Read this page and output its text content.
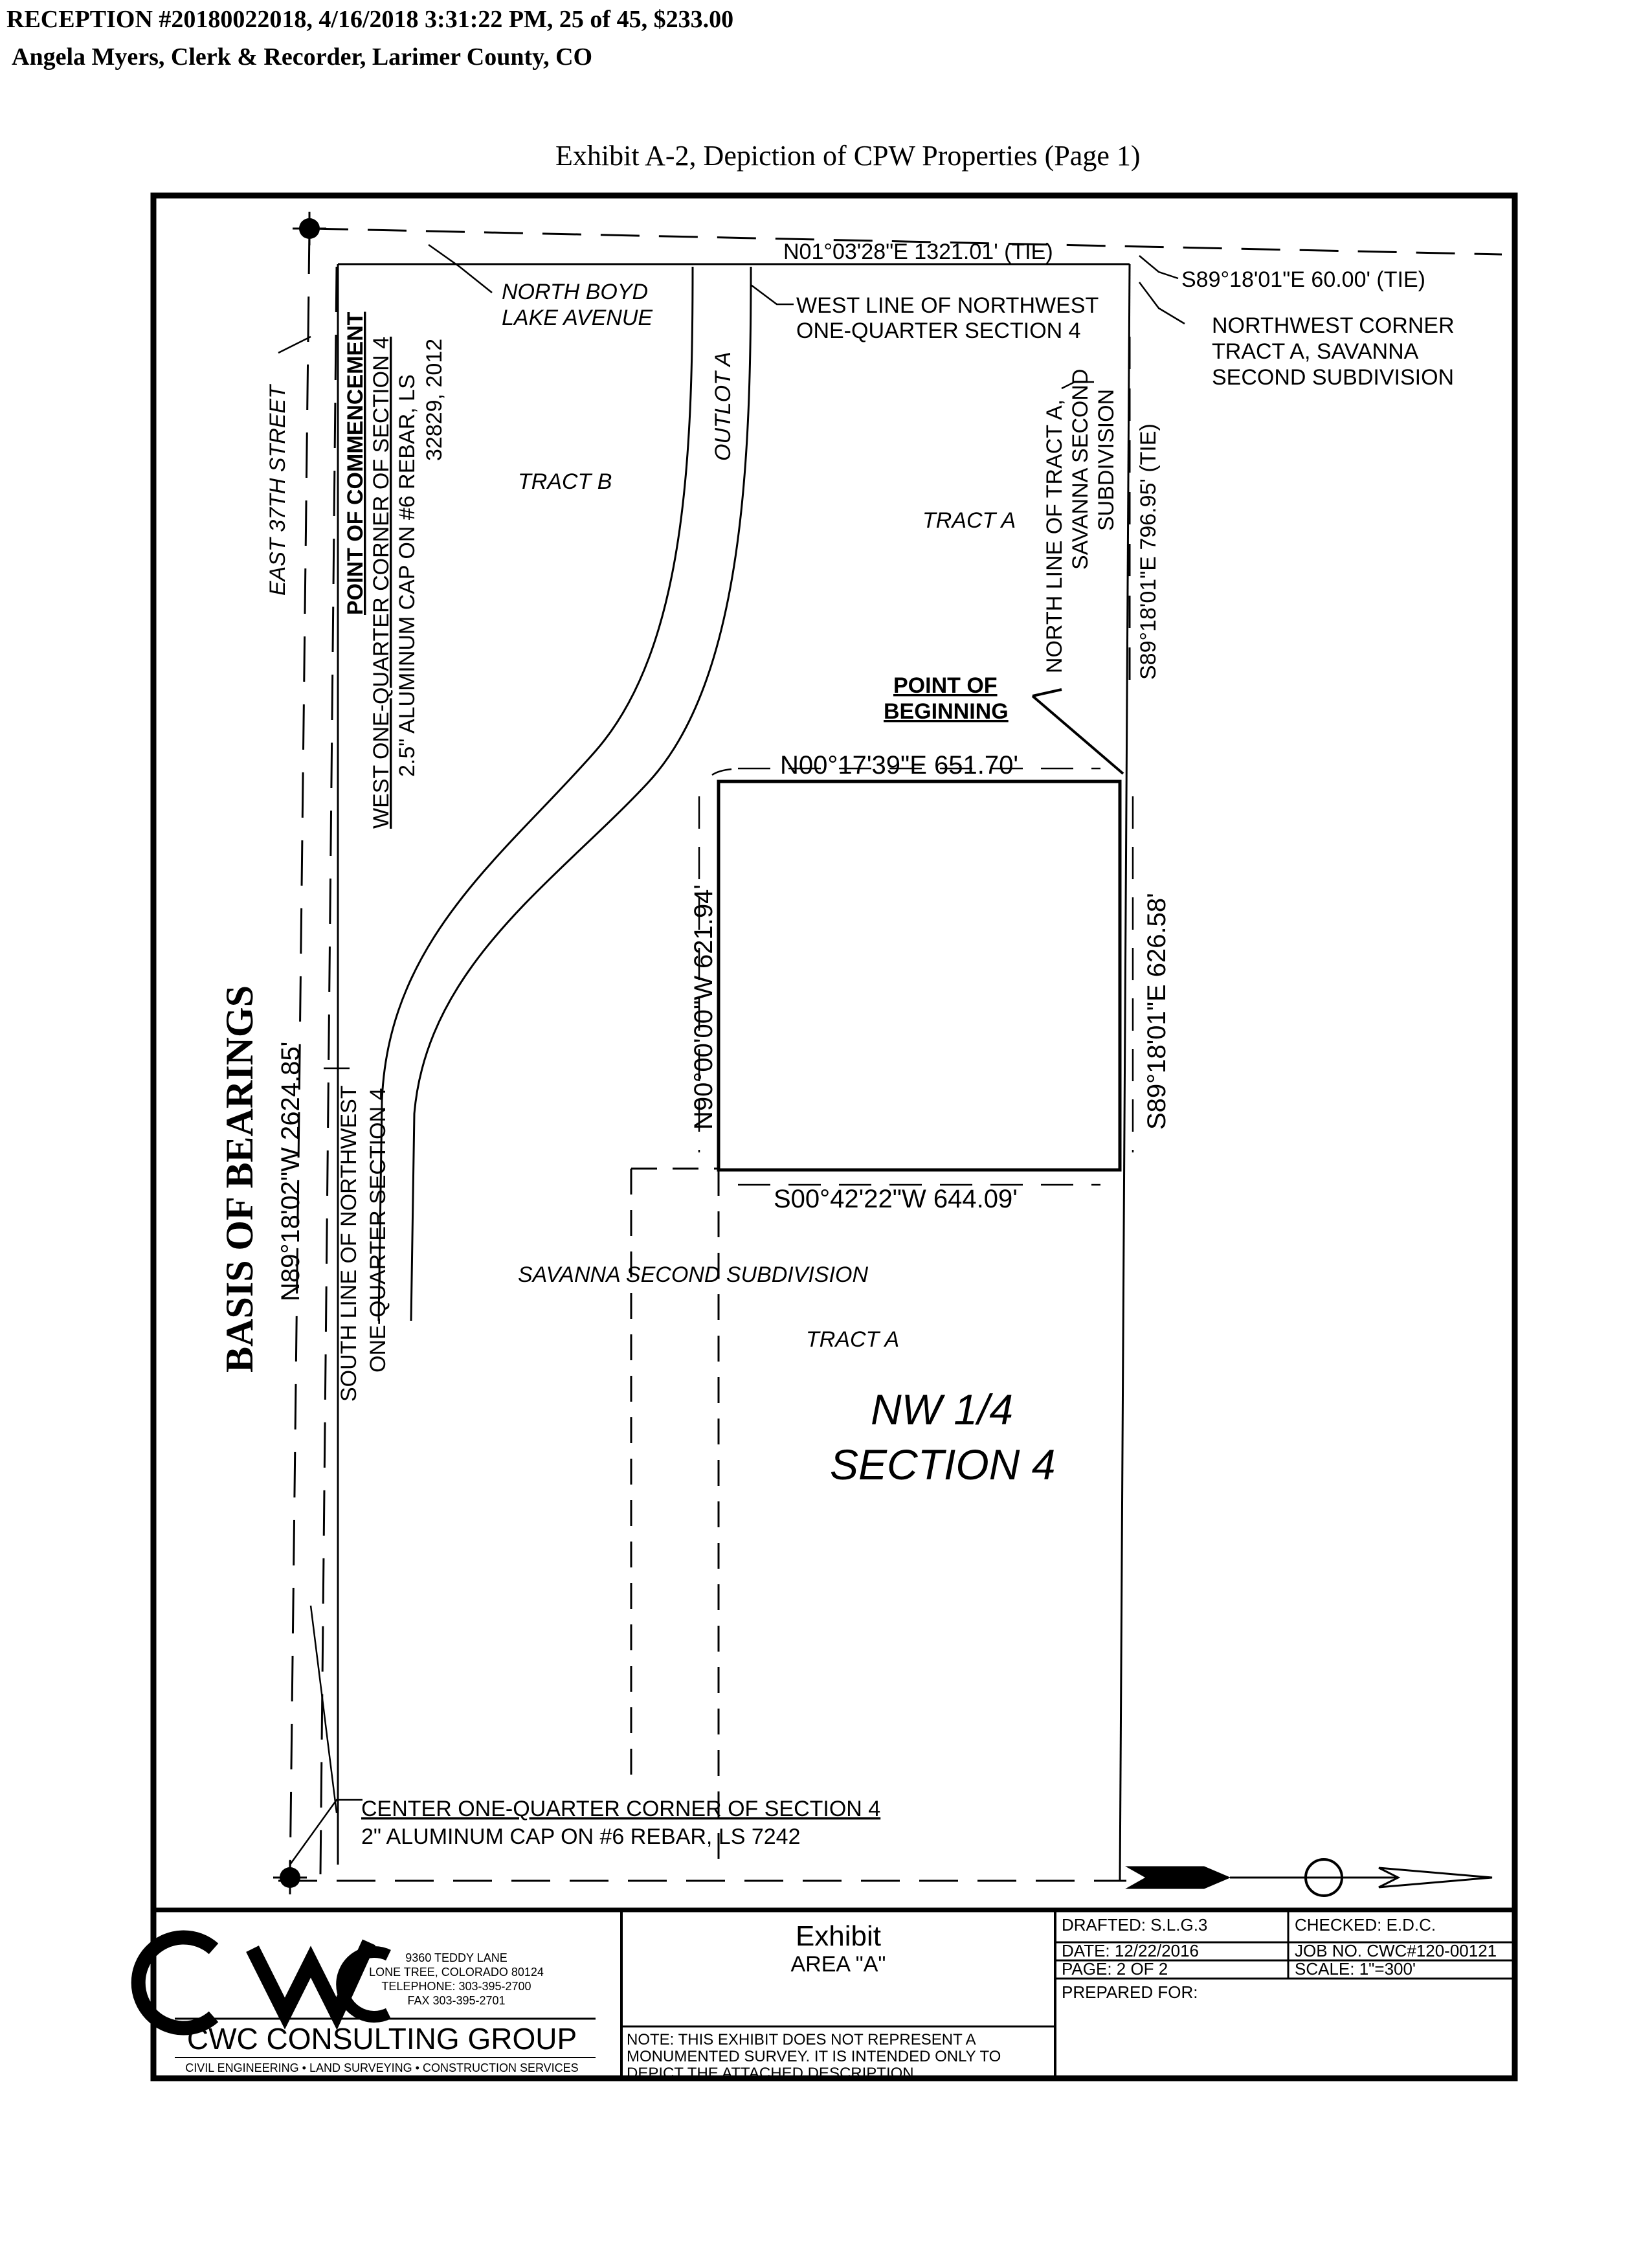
RECEPTION #20180022018, 4/16/2018 3:31:22 PM, 25 of 45, $233.00
Angela Myers, Clerk & Recorder, Larimer County, CO
Exhibit A-2, Depiction of CPW Properties (Page 1)
N01°03'28"E 1321.01' (TIE)
S89°18'01"E 60.00' (TIE)
NORTH BOYD
LAKE AVENUE	WEST LINE OF NORTHWEST
ONE-QUARTER SECTION 4	NORTHWEST CORNER
TRACT A, SAVANNA
SECOND SUBDIVISION
EAST 37TH STREET POINT OF COMMENCEMENT WEST ONE-QUARTER CORNER OF SECTION 4 2.5" ALUMINUM CAP ON #6 REBAR, LS 32829, 2012
TRACT B
OUTLOT A
TRACT A NORTH LINE OF TRACT A, SAVANNA SECOND SUBDIVISION S89°18'01"E 796.95' (TIE)
POINT OF
BEGINNING
N00°17'39"E 651.70'
N90°00'00"W 621.94'	S89°18'01"E 626.58'
S00°42'22"W 644.09'
BASIS OF BEARINGS N89°18'02"W 2624.85' SOUTH LINE OF NORTHWEST ONE-QUARTER SECTION 4	SAVANNA SECOND SUBDIVISION
TRACT A
NW 1/4
SECTION 4
CENTER ONE-QUARTER CORNER OF SECTION 4
2" ALUMINUM CAP ON #6 REBAR, LS 7242
CWC
9360 TEDDY LANE
LONE TREE, COLORADO 80124
TELEPHONE: 303-395-2700
FAX 303-395-2701
CWC CONSULTING GROUP
CIVIL ENGINEERING • LAND SURVEYING • CONSTRUCTION SERVICES
Exhibit
AREA "A"
NOTE: THIS EXHIBIT DOES NOT REPRESENT A
MONUMENTED SURVEY. IT IS INTENDED ONLY TO
DEPICT THE ATTACHED DESCRIPTION.
DRAFTED: S.L.G.3	CHECKED: E.D.C.
DATE: 12/22/2016	JOB NO. CWC#120-00121
PAGE: 2 OF 2	SCALE: 1"=300'
PREPARED FOR:
